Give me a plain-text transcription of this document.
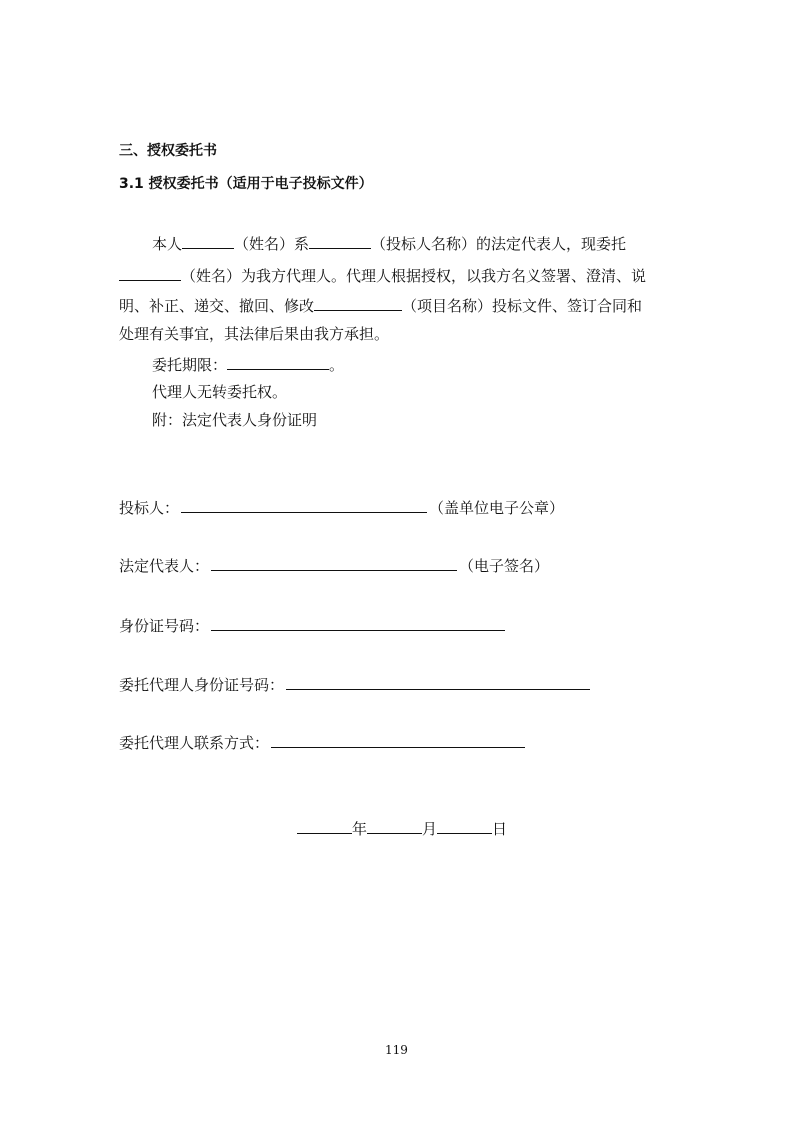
三、授权委托书
3.1 授权委托书（适用于电子投标文件）
本人	（姓名）系	（投标人名称）的法定代表人，现委托
（姓名）为我方代理人。代理人根据授权，以我方名义签署、澄清、说
明、补正、递交、撤回、修改	（项目名称）投标文件、签订合同和
处理有关事宜，其法律后果由我方承担。
委托期限：	。
代理人无转委托权。
附：法定代表人身份证明
投标人：	（盖单位电子公章）
法定代表人：	（电子签名）
身份证号码：
委托代理人身份证号码：
委托代理人联系方式：
年	月	日
119
